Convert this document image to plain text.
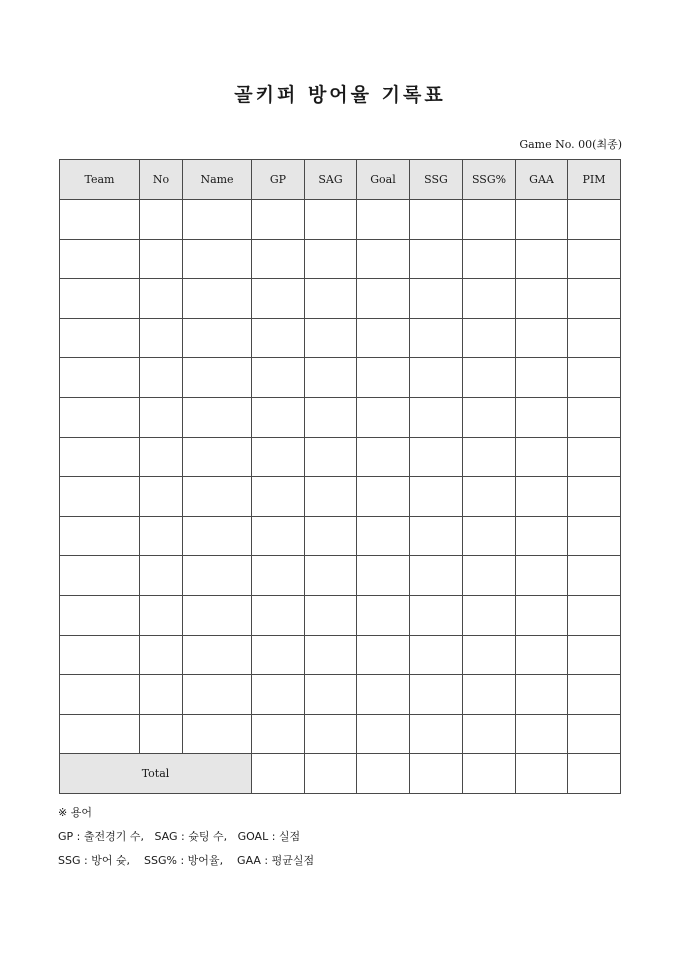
골키퍼 방어율 기록표
Game No. 00(최종)
Team	No	Name	GP	SAG	Goal	SSG	SSG%	GAA	PIM

Total									
※ 용어
GP : 출전경기 수,   SAG : 슛팅 수,   GOAL : 실점
SSG : 방어 슛,    SSG% : 방어율,    GAA : 평균실점
